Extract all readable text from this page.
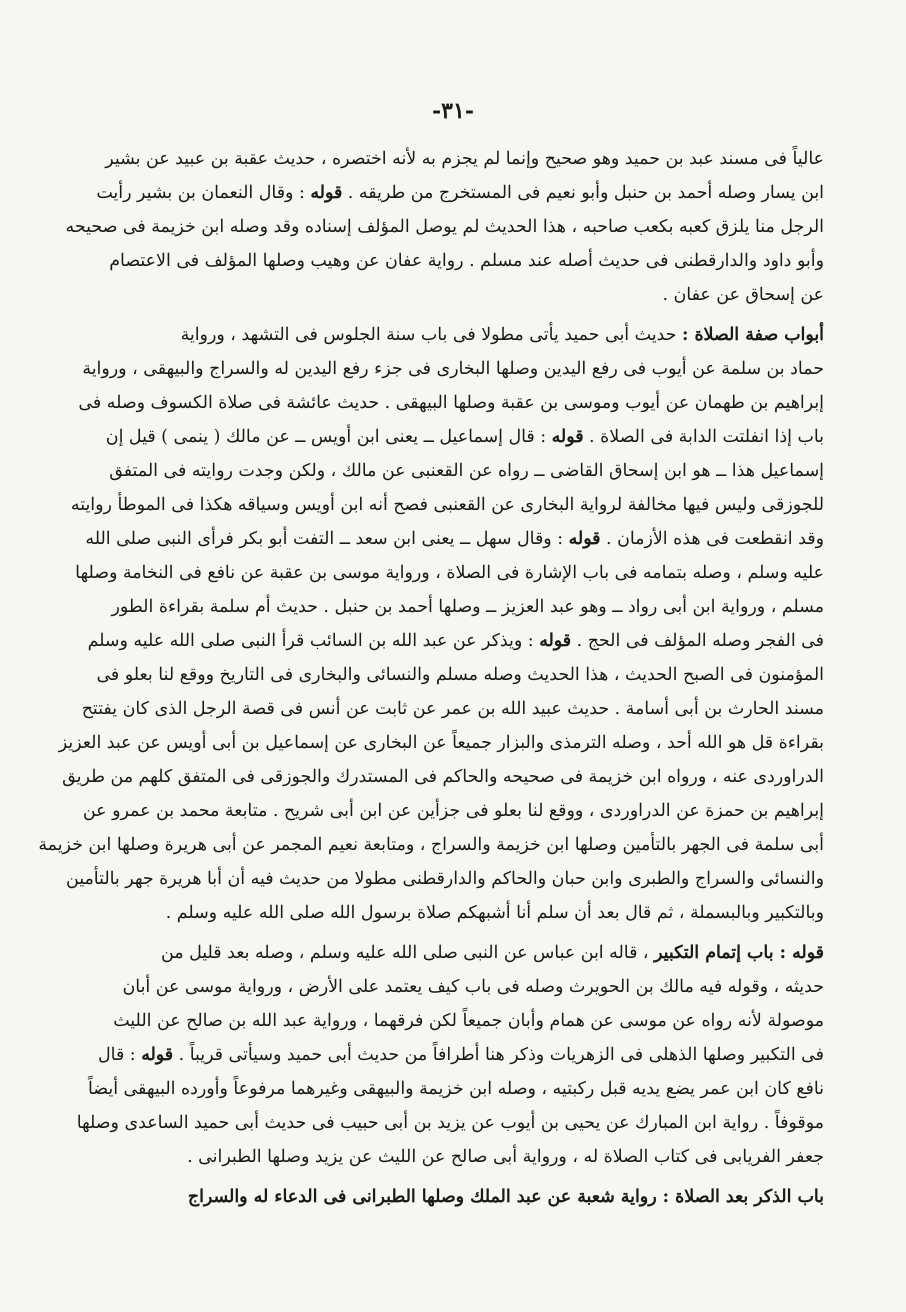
-٣١-
عالياً فى مسند عبد بن حميد وهو صحيح وإنما لم يجزم به لأنه اختصره ، حديث عقبة بن عبيد عن بشير
ابن يسار وصله أحمد بن حنبل وأبو نعيم فى المستخرج من طريقه . قوله : وقال النعمان بن بشير رأيت
الرجل منا يلزق كعبه بكعب صاحبه ، هذا الحديث لم يوصل المؤلف إسناده وقد وصله ابن خزيمة فى صحيحه
وأبو داود والدارقطنى فى حديث أصله عند مسلم . رواية عفان عن وهيب وصلها المؤلف فى الاعتصام
عن إسحاق عن عفان .
أبواب صفة الصلاة : حديث أبى حميد يأتى مطولا فى باب سنة الجلوس فى التشهد ، ورواية
حماد بن سلمة عن أيوب فى رفع اليدين وصلها البخارى فى جزء رفع اليدين له والسراج والبيهقى ، ورواية
إبراهيم بن طهمان عن أيوب وموسى بن عقبة وصلها البيهقى . حديث عائشة فى صلاة الكسوف وصله فى
باب إذا انفلتت الدابة فى الصلاة . قوله : قال إسماعيل ــ يعنى ابن أويس ــ عن مالك ( ينمى ) قيل إن
إسماعيل هذا ــ هو ابن إسحاق القاضى ــ رواه عن القعنبى عن مالك ، ولكن وجدت روايته فى المتفق
للجوزقى وليس فيها مخالفة لرواية البخارى عن القعنبى فصح أنه ابن أويس وسياقه هكذا فى الموطأ روايته
وقد انقطعت فى هذه الأزمان . قوله : وقال سهل ــ يعنى ابن سعد ــ التفت أبو بكر فرأى النبى صلى الله
عليه وسلم ، وصله بتمامه فى باب الإشارة فى الصلاة ، ورواية موسى بن عقبة عن نافع فى النخامة وصلها
مسلم ، ورواية ابن أبى رواد ــ وهو عبد العزيز ــ وصلها أحمد بن حنبل . حديث أم سلمة بقراءة الطور
فى الفجر وصله المؤلف فى الحج . قوله : ويذكر عن عبد الله بن السائب قرأ النبى صلى الله عليه وسلم
المؤمنون فى الصبح الحديث ، هذا الحديث وصله مسلم والنسائى والبخارى فى التاريخ ووقع لنا بعلو فى
مسند الحارث بن أبى أسامة . حديث عبيد الله بن عمر عن ثابت عن أنس فى قصة الرجل الذى كان يفتتح
بقراءة قل هو الله أحد ، وصله الترمذى والبزار جميعاً عن البخارى عن إسماعيل بن أبى أويس عن عبد العزيز
الدراوردى عنه ، ورواه ابن خزيمة فى صحيحه والحاكم فى المستدرك والجوزقى فى المتفق كلهم من طريق
إبراهيم بن حمزة عن الدراوردى ، ووقع لنا بعلو فى جزأين عن ابن أبى شريح . متابعة محمد بن عمرو عن
أبى سلمة فى الجهر بالتأمين وصلها ابن خزيمة والسراج ، ومتابعة نعيم المجمر عن أبى هريرة وصلها ابن خزيمة
والنسائى والسراج والطبرى وابن حبان والحاكم والدارقطنى مطولا من حديث فيه أن أبا هريرة جهر بالتأمين
وبالتكبير وبالبسملة ، ثم قال بعد أن سلم أنا أشبهكم صلاة برسول الله صلى الله عليه وسلم .
قوله : باب إتمام التكبير ، قاله ابن عباس عن النبى صلى الله عليه وسلم ، وصله بعد قليل من
حديثه ، وقوله فيه مالك بن الحويرث وصله فى باب كيف يعتمد على الأرض ، ورواية موسى عن أبان
موصولة لأنه رواه عن موسى عن همام وأبان جميعاً لكن فرقهما ، ورواية عبد الله بن صالح عن الليث
فى التكبير وصلها الذهلى فى الزهريات وذكر هنا أطرافاً من حديث أبى حميد وسيأتى قريباً . قوله : قال
نافع كان ابن عمر يضع يديه قبل ركبتيه ، وصله ابن خزيمة والبيهقى وغيرهما مرفوعاً وأورده البيهقى أيضاً
موقوفاً . رواية ابن المبارك عن يحيى بن أيوب عن يزيد بن أبى حبيب فى حديث أبى حميد الساعدى وصلها
جعفر الفريابى فى كتاب الصلاة له ، ورواية أبى صالح عن الليث عن يزيد وصلها الطبرانى .
باب الذكر بعد الصلاة : رواية شعبة عن عبد الملك وصلها الطبرانى فى الدعاء له والسراج
